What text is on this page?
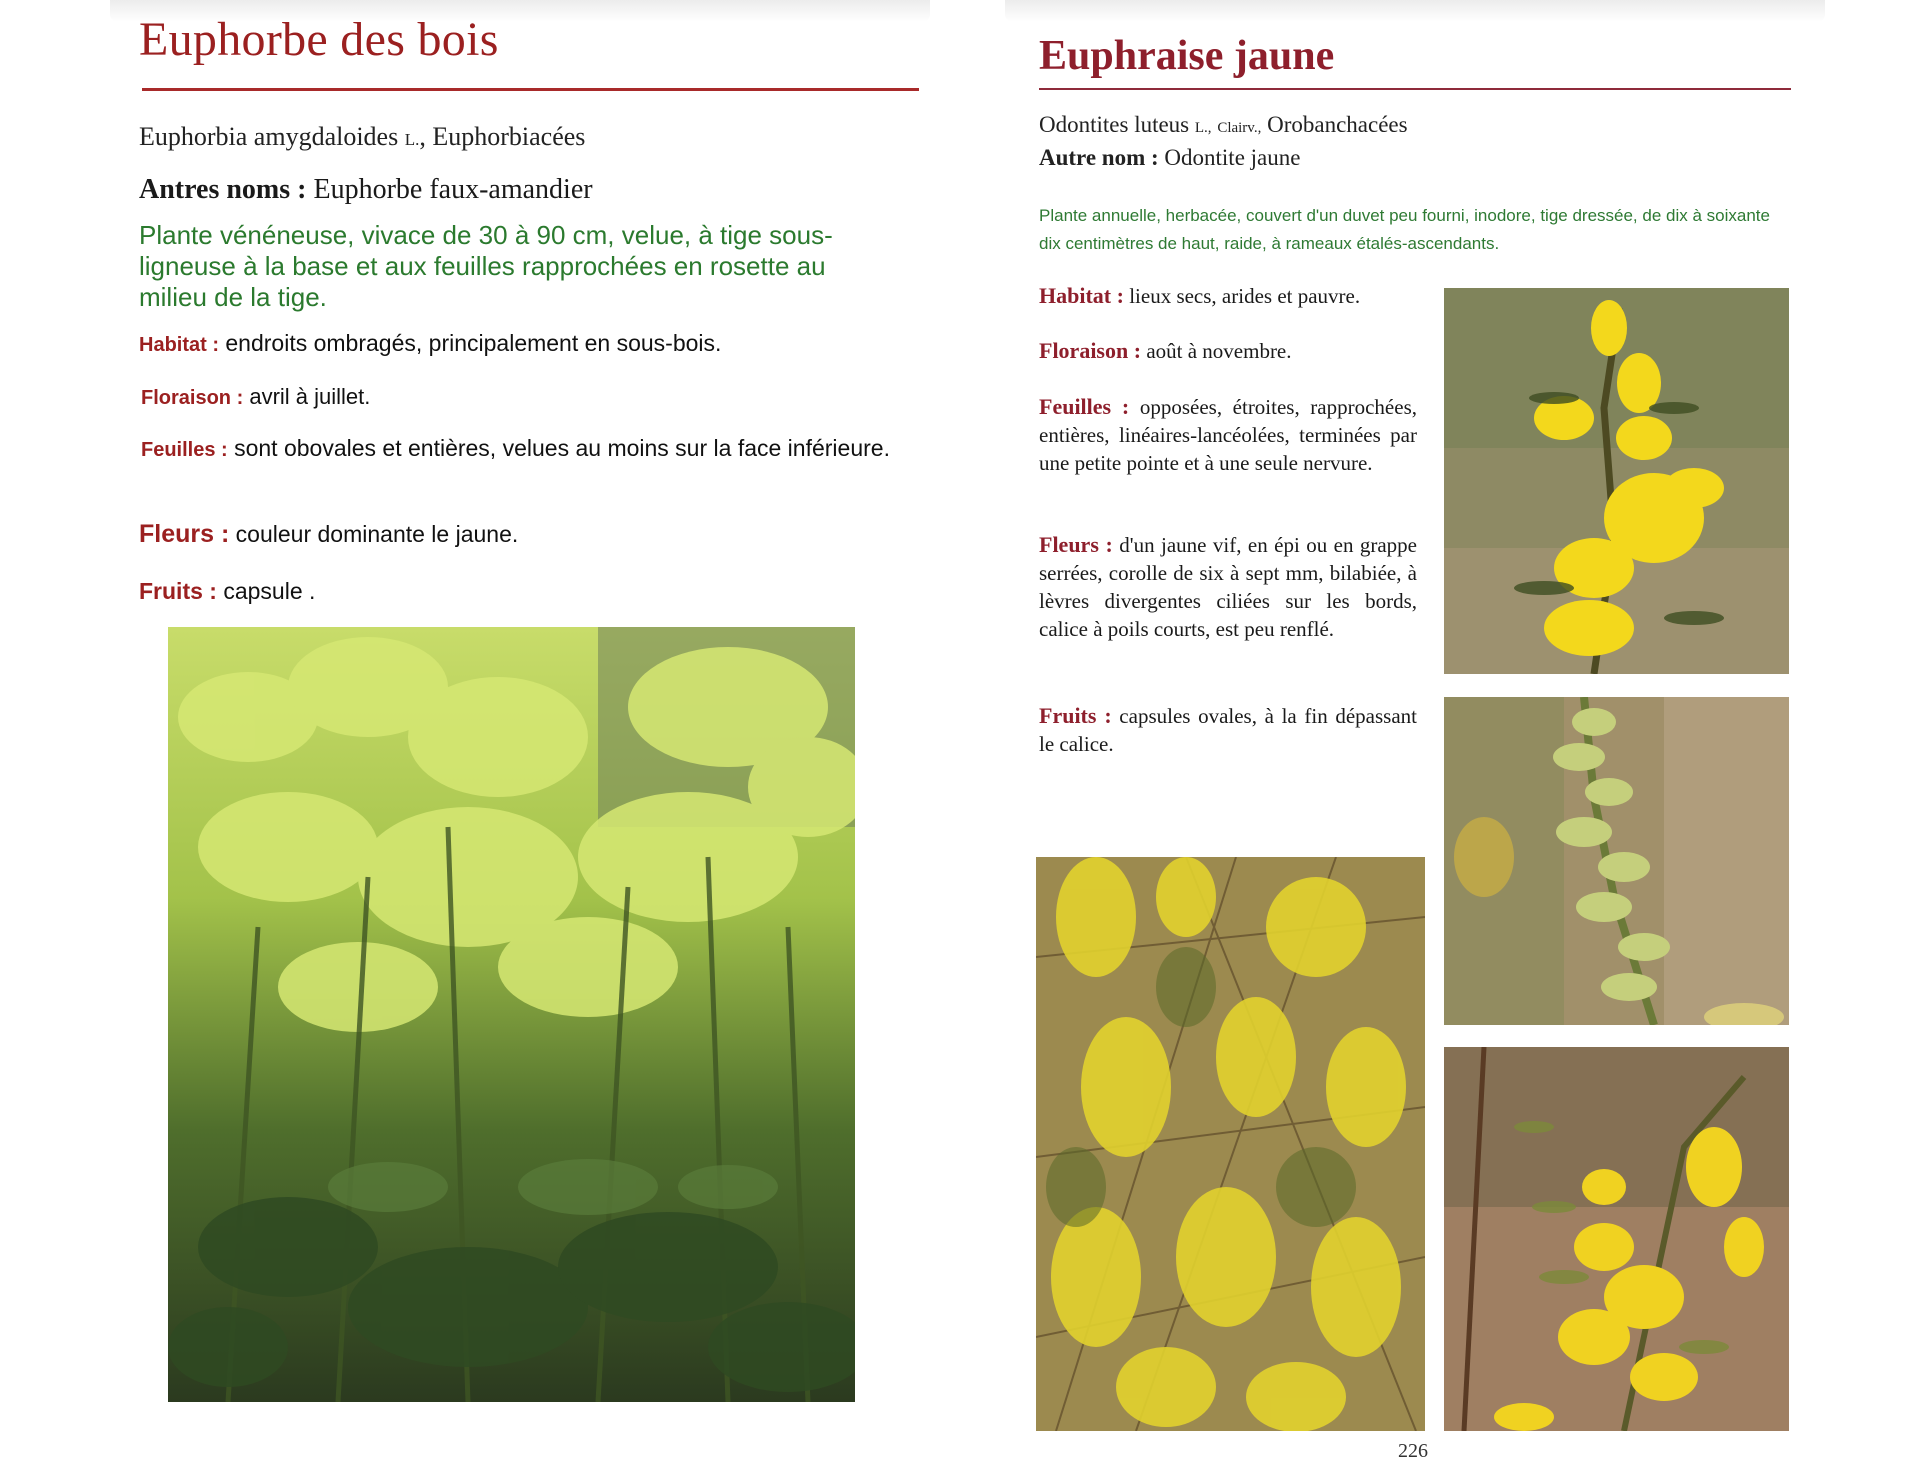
Euphorbe des bois
Euphorbia amygdaloides L., Euphorbiacées
Antres noms : Euphorbe faux-amandier
Plante vénéneuse, vivace de 30 à 90 cm, velue, à tige sous-ligneuse à la base et aux feuilles rapprochées en rosette au milieu de la tige.
Habitat : endroits ombragés, principalement en sous-bois.
Floraison : avril à juillet.
Feuilles : sont obovales et entières, velues au moins sur la face inférieure.
Fleurs : couleur dominante le jaune.
Fruits : capsule .
Euphraise jaune
Odontites luteus L., Clairv., Orobanchacées
Autre nom : Odontite jaune
Plante annuelle, herbacée, couvert d'un duvet peu fourni, inodore, tige dressée, de dix à soixante dix centimètres de haut, raide, à rameaux étalés-ascendants.
Habitat : lieux secs, arides et pauvre.
Floraison : août à novembre.
Feuilles : opposées, étroites, rapprochées, entières, linéaires-lancéolées, terminées par une petite pointe et à une seule nervure.
Fleurs : d'un jaune vif, en épi ou en grappe serrées, corolle de six à sept mm, bilabiée, à lèvres divergentes ciliées sur les bords, calice à poils courts, est peu renflé.
Fruits : capsules ovales, à la fin dépassant le calice.
226
